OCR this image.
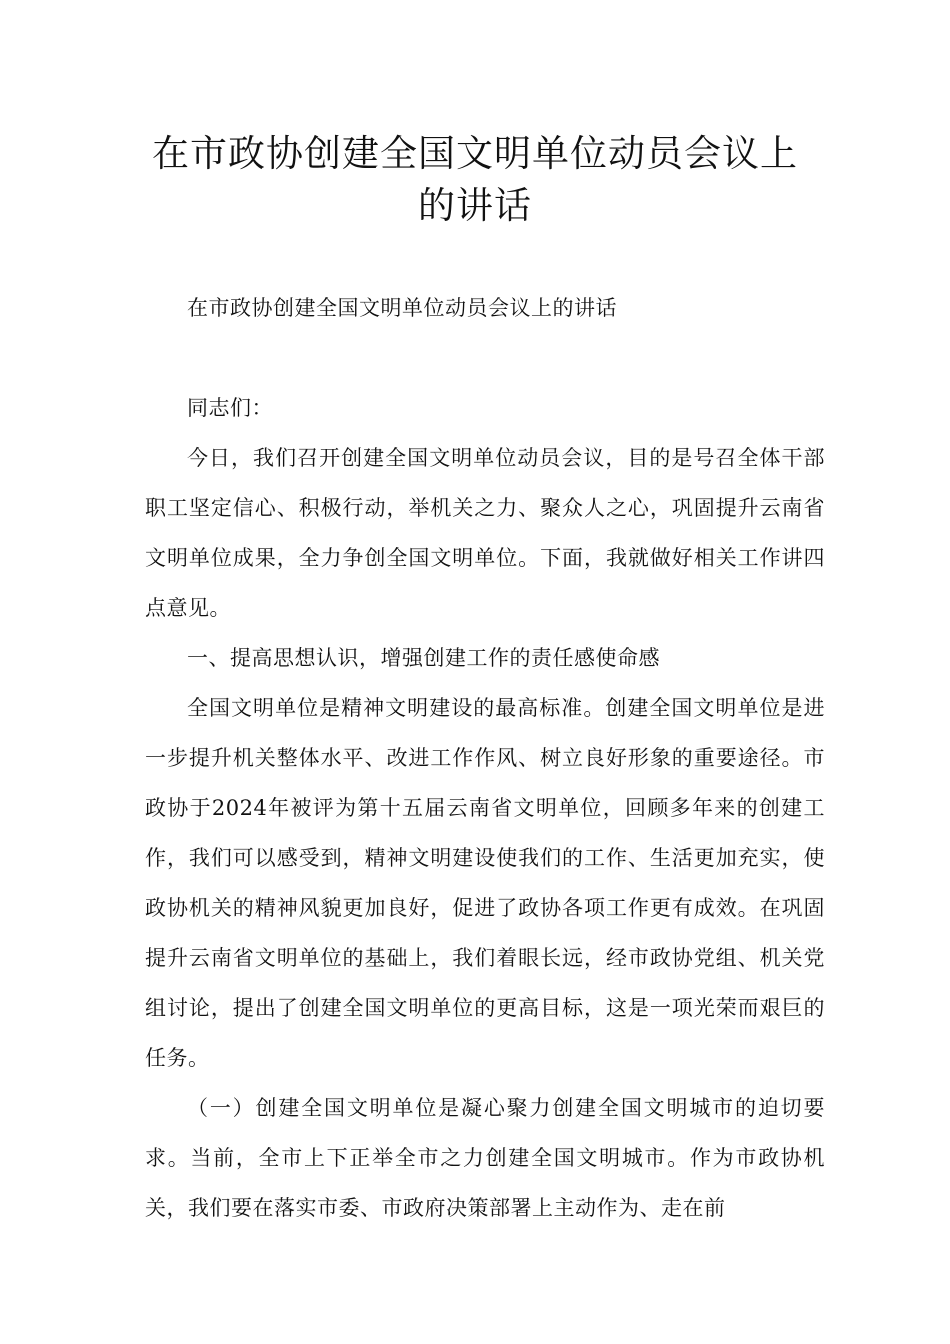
在市政协创建全国文明单位动员会议上
的讲话

在市政协创建全国文明单位动员会议上的讲话

同志们：

今日，我们召开创建全国文明单位动员会议，目的是号召全体干部职工坚定信心、积极行动，举机关之力、聚众人之心，巩固提升云南省文明单位成果，全力争创全国文明单位。下面，我就做好相关工作讲四点意见。

一、提高思想认识，增强创建工作的责任感使命感

全国文明单位是精神文明建设的最高标准。创建全国文明单位是进一步提升机关整体水平、改进工作作风、树立良好形象的重要途径。市政协于2024年被评为第十五届云南省文明单位，回顾多年来的创建工作，我们可以感受到，精神文明建设使我们的工作、生活更加充实，使政协机关的精神风貌更加良好，促进了政协各项工作更有成效。在巩固提升云南省文明单位的基础上，我们着眼长远，经市政协党组、机关党组讨论，提出了创建全国文明单位的更高目标，这是一项光荣而艰巨的任务。

（一）创建全国文明单位是凝心聚力创建全国文明城市的迫切要求。当前，全市上下正举全市之力创建全国文明城市。作为市政协机关，我们要在落实市委、市政府决策部署上主动作为、走在前
